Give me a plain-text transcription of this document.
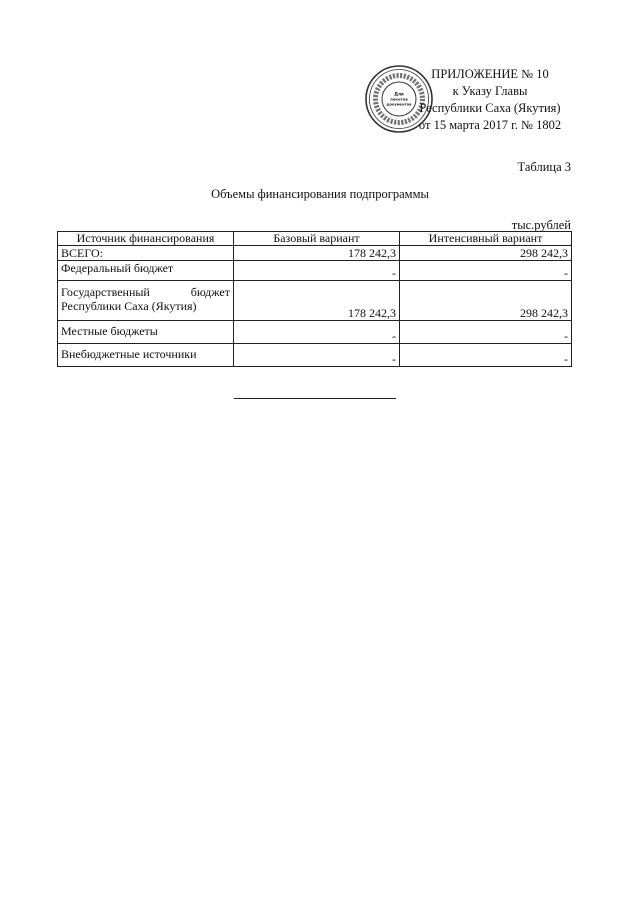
Для
пакетов
документов
ПРИЛОЖЕНИЕ № 10
к Указу Главы
Республики Саха (Якутия)
от 15 марта 2017 г. № 1802
Таблица 3
Объемы финансирования подпрограммы
тыс.рублей
Источник финансирования	Базовый вариант	Интенсивный вариант
ВСЕГО:	178 242,3	298 242,3
Федеральный бюджет	-	-

Государственный бюджет
Республики Саха (Якутия)	178 242,3	298 242,3
Местные бюджеты	-	-
Внебюджетные источники	-	-
